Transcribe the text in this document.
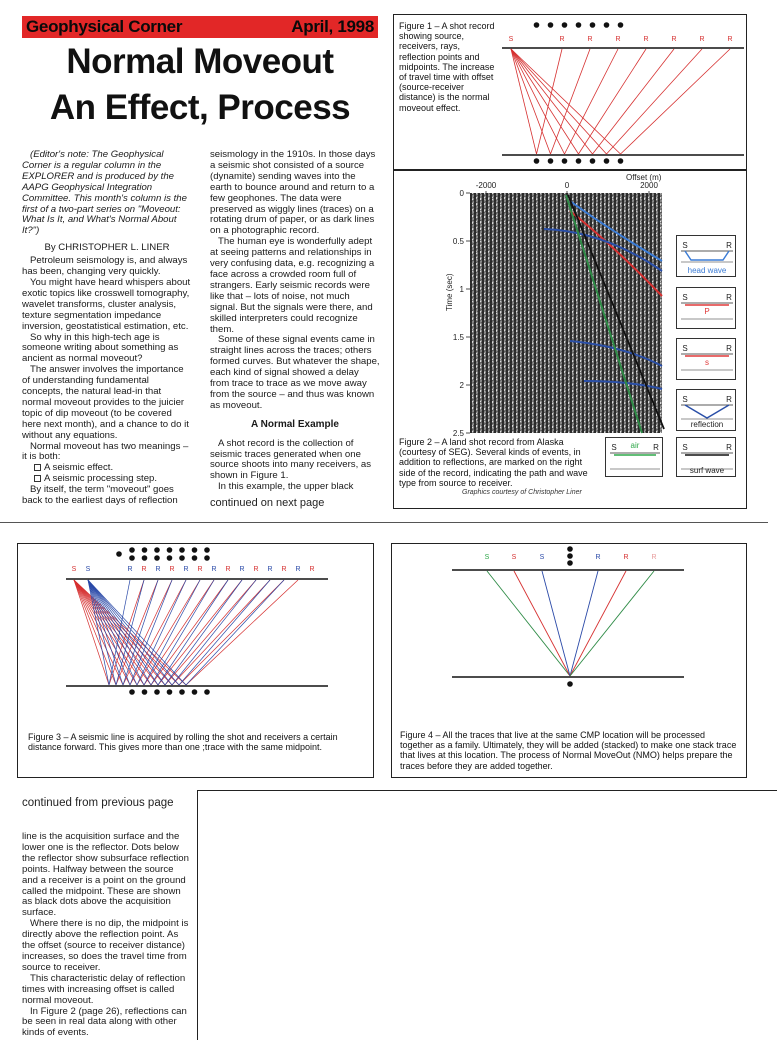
Geophysical Corner	April, 1998
Normal Moveout
An Effect, Process

(Editor's note: The Geophysical Corner is a regular column in the EXPLORER and is produced by the AAPG Geophysical Integration Committee. This month's column is the first of a two-part series on "Moveout: What Is It, and What's Normal About It?")

By CHRISTOPHER L. LINER

Petroleum seismology is, and always has been, changing very quickly.

You might have heard whispers about exotic topics like crosswell tomography, wavelet transforms, cluster analysis, texture segmentation impedance inversion, geostatistical estimation, etc.

So why in this high-tech age is someone writing about something as ancient as normal moveout?

The answer involves the importance of understanding fundamental concepts, the natural lead-in that normal moveout provides to the juicier topic of dip moveout (to be covered here next month), and a chance to do it without any equations.

Normal moveout has two meanings – it is both:

A seismic effect.

A seismic processing step.

By itself, the term "moveout" goes back to the earliest days of reflection

seismology in the 1910s. In those days a seismic shot consisted of a source (dynamite) sending waves into the earth to bounce around and return to a few geophones. The data were preserved as wiggly lines (traces) on a rotating drum of paper, or as dark lines on a photographic record.

The human eye is wonderfully adept at seeing patterns and relationships in very confusing data, e.g. recognizing a face across a crowded room full of strangers. Early seismic records were like that – lots of noise, not much signal. But the signals were there, and skilled interpreters could recognize them.

Some of these signal events came in straight lines across the traces; others formed curves. But whatever the shape, each kind of signal showed a delay from trace to trace as we move away from the source – and thus was known as moveout.

A Normal Example

A shot record is the collection of seismic traces generated when one source shoots into many receivers, as shown in Figure 1.

In this example, the upper black

continued on next page
Figure 1 – A shot record showing source, receivers, rays, reflection points and midpoints. The increase of travel time with offset (source-receiver distance) is the normal moveout effect.
S	R	R	R	R	R	R	R
Offset (m)
-2000	0	2000
0
0.5
1
1.5
2
2.5
Time (sec)
Figure 2 – A land shot record from Alaska (courtesy of SEG). Several kinds of events, in addition to reflections, are marked on the right side of the record, indicating the path and wave type from source to receiver.
Graphics courtesy of Christopher Liner
S	R
head wave
S	R
P
S	R
s
S	R
reflection
S	R
air	S	R
surf wave
S S	R R R R R R R R R R R R R R
Figure 3 – A seismic line is acquired by rolling the shot and receivers a certain distance forward. This gives more than one ;trace with the same midpoint.
S	S	S	R	R	R
Figure 4 – All the traces that live at the same CMP location will be processed together as a family. Ultimately, they will be added (stacked) to make one stack trace that lives at this location. The process of Normal MoveOut (NMO) helps prepare the traces before they are added together.
continued from previous page

line is the acquisition surface and the lower one is the reflector. Dots below the reflector show subsurface reflection points. Halfway between the source and a receiver is a point on the ground called the midpoint. These are shown as black dots above the acquisition surface.

Where there is no dip, the midpoint is directly above the reflection point. As the offset (source to receiver distance) increases, so does the travel time from source to receiver.

This characteristic delay of reflection times with increasing offset is called normal moveout.

In Figure 2 (page 26), reflections can be seen in real data along with other kinds of events.
